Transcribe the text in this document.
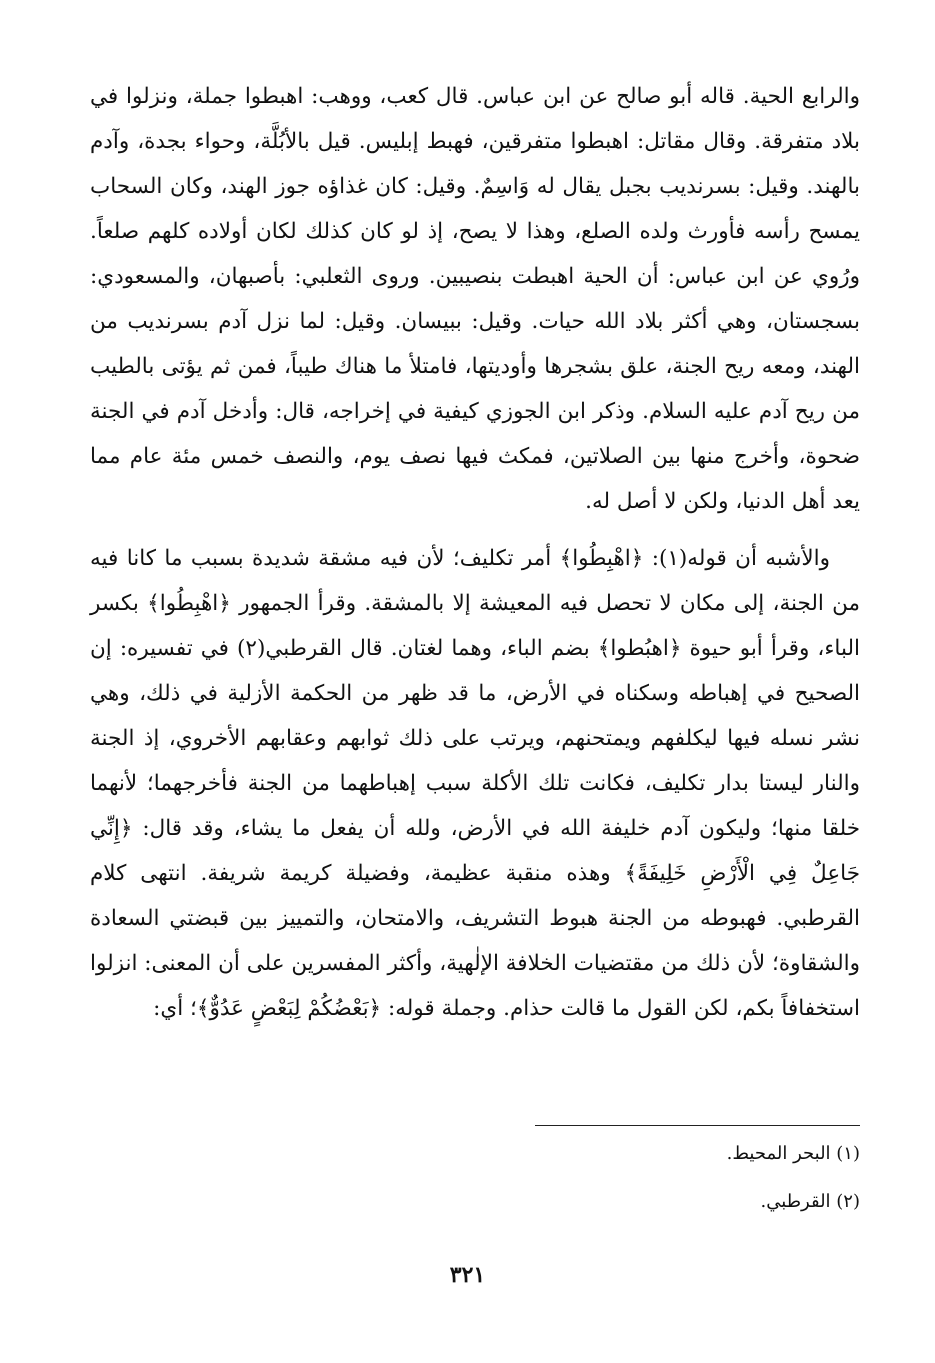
والرابع الحية. قاله أبو صالح عن ابن عباس. قال كعب، ووهب: اهبطوا جملة، ونزلوا في بلاد متفرقة. وقال مقاتل: اهبطوا متفرقين، فهبط إبليس. قيل بالأبُلَّة، وحواء بجدة، وآدم بالهند. وقيل: بسرنديب بجبل يقال له وَاسِمٌ. وقيل: كان غذاؤه جوز الهند، وكان السحاب يمسح رأسه فأورث ولده الصلع، وهذا لا يصح، إذ لو كان كذلك لكان أولاده كلهم صلعاً. ورُوي عن ابن عباس: أن الحية اهبطت بنصيبين. وروى الثعلبي: بأصبهان، والمسعودي: بسجستان، وهي أكثر بلاد الله حيات. وقيل: ببيسان. وقيل: لما نزل آدم بسرنديب من الهند، ومعه ريح الجنة، علق بشجرها وأوديتها، فامتلأ ما هناك طيباً، فمن ثم يؤتى بالطيب من ريح آدم عليه السلام. وذكر ابن الجوزي كيفية في إخراجه، قال: وأدخل آدم في الجنة ضحوة، وأخرج منها بين الصلاتين، فمكث فيها نصف يوم، والنصف خمس مئة عام مما يعد أهل الدنيا، ولكن لا أصل له.

والأشبه أن قوله(١): ﴿اهْبِطُوا﴾ أمر تكليف؛ لأن فيه مشقة شديدة بسبب ما كانا فيه من الجنة، إلى مكان لا تحصل فيه المعيشة إلا بالمشقة. وقرأ الجمهور ﴿اهْبِطُوا﴾ بكسر الباء، وقرأ أبو حيوة ﴿اهبُطوا﴾ بضم الباء، وهما لغتان. قال القرطبي(٢) في تفسيره: إن الصحيح في إهباطه وسكناه في الأرض، ما قد ظهر من الحكمة الأزلية في ذلك، وهي نشر نسله فيها ليكلفهم ويمتحنهم، ويرتب على ذلك ثوابهم وعقابهم الأخروي، إذ الجنة والنار ليستا بدار تكليف، فكانت تلك الأكلة سبب إهباطهما من الجنة فأخرجهما؛ لأنهما خلقا منها؛ وليكون آدم خليفة الله في الأرض، ولله أن يفعل ما يشاء، وقد قال: ﴿إِنِّي جَاعِلٌ فِي الْأَرْضِ خَلِيفَةً﴾ وهذه منقبة عظيمة، وفضيلة كريمة شريفة. انتهى كلام القرطبي. فهبوطه من الجنة هبوط التشريف، والامتحان، والتمييز بين قبضتي السعادة والشقاوة؛ لأن ذلك من مقتضيات الخلافة الإلٰهية، وأكثر المفسرين على أن المعنى: انزلوا استخفافاً بكم، لكن القول ما قالت حذام. وجملة قوله: ﴿بَعْضُكُمْ لِبَعْضٍ عَدُوٌّ﴾؛ أي:

(١) البحر المحيط.

(٢) القرطبي.

٣٢١
